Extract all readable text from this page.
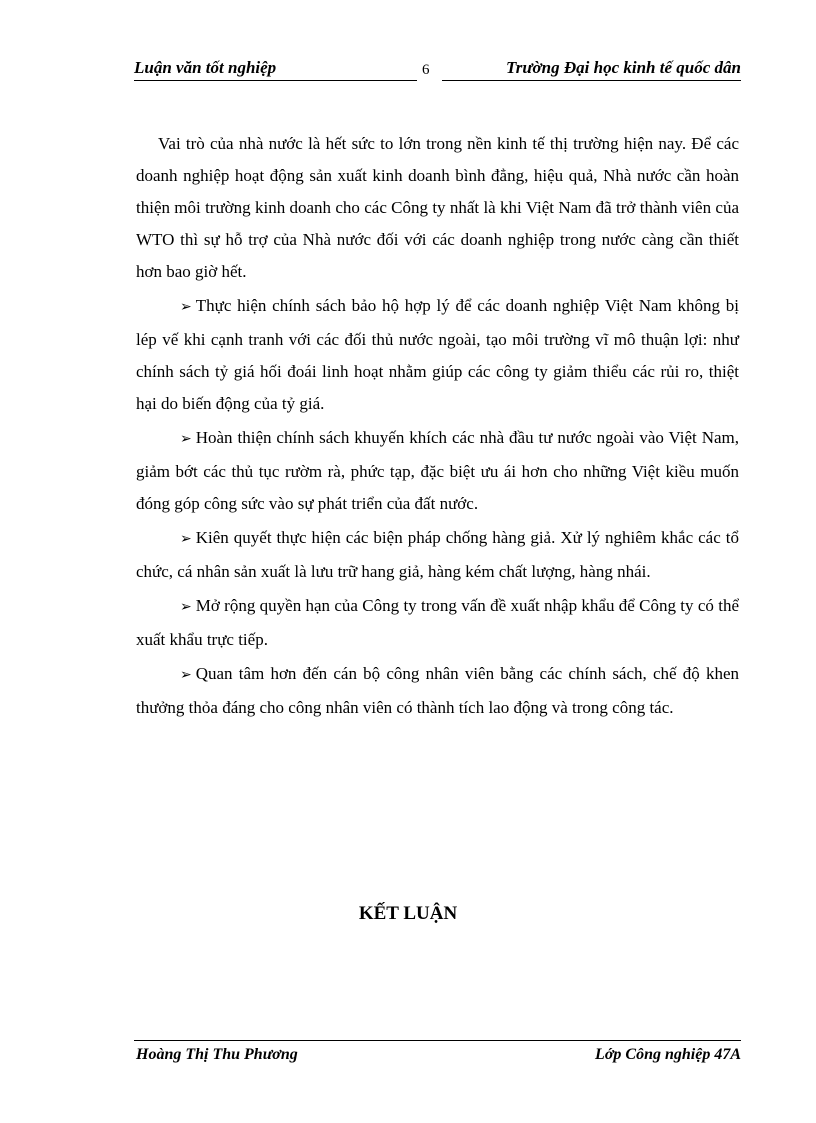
Luận văn tốt nghiệp	6	Trường Đại học kinh tế quốc dân

Vai trò của nhà nước là hết sức to lớn trong nền kinh tế thị trường hiện nay. Để các doanh nghiệp hoạt động sản xuất kinh doanh bình đẳng, hiệu quả, Nhà nước cần hoàn thiện môi trường kinh doanh cho các Công ty nhất là khi Việt Nam đã trở thành viên của WTO thì sự hỗ trợ của Nhà nước đối với các doanh nghiệp trong nước càng cần thiết hơn bao giờ hết.

➢ Thực hiện chính sách bảo hộ hợp lý để các doanh nghiệp Việt Nam không bị lép vế khi cạnh tranh với các đối thủ nước ngoài, tạo môi trường vĩ mô thuận lợi: như chính sách tỷ giá hối đoái linh hoạt nhằm giúp các công ty giảm thiểu các rủi ro, thiệt hại do biến động của tỷ giá.

➢ Hoàn thiện chính sách khuyến khích các nhà đầu tư nước ngoài vào Việt Nam, giảm bớt các thủ tục rườm rà, phức tạp, đặc biệt ưu ái hơn cho những Việt kiều muốn đóng góp công sức vào sự phát triển của đất nước.

➢ Kiên quyết thực hiện các biện pháp chống hàng giả. Xử lý nghiêm khắc các tổ chức, cá nhân sản xuất là lưu trữ hang giả, hàng kém chất lượng, hàng nhái.

➢ Mở rộng quyền hạn của Công ty trong vấn đề xuất nhập khẩu để Công ty có thể xuất khẩu trực tiếp.

➢ Quan tâm hơn đến cán bộ công nhân viên bằng các chính sách, chế độ khen thưởng thỏa đáng cho công nhân viên có thành tích lao động và trong công tác.

KẾT LUẬN
Hoàng Thị Thu Phương	Lớp Công nghiệp 47A
